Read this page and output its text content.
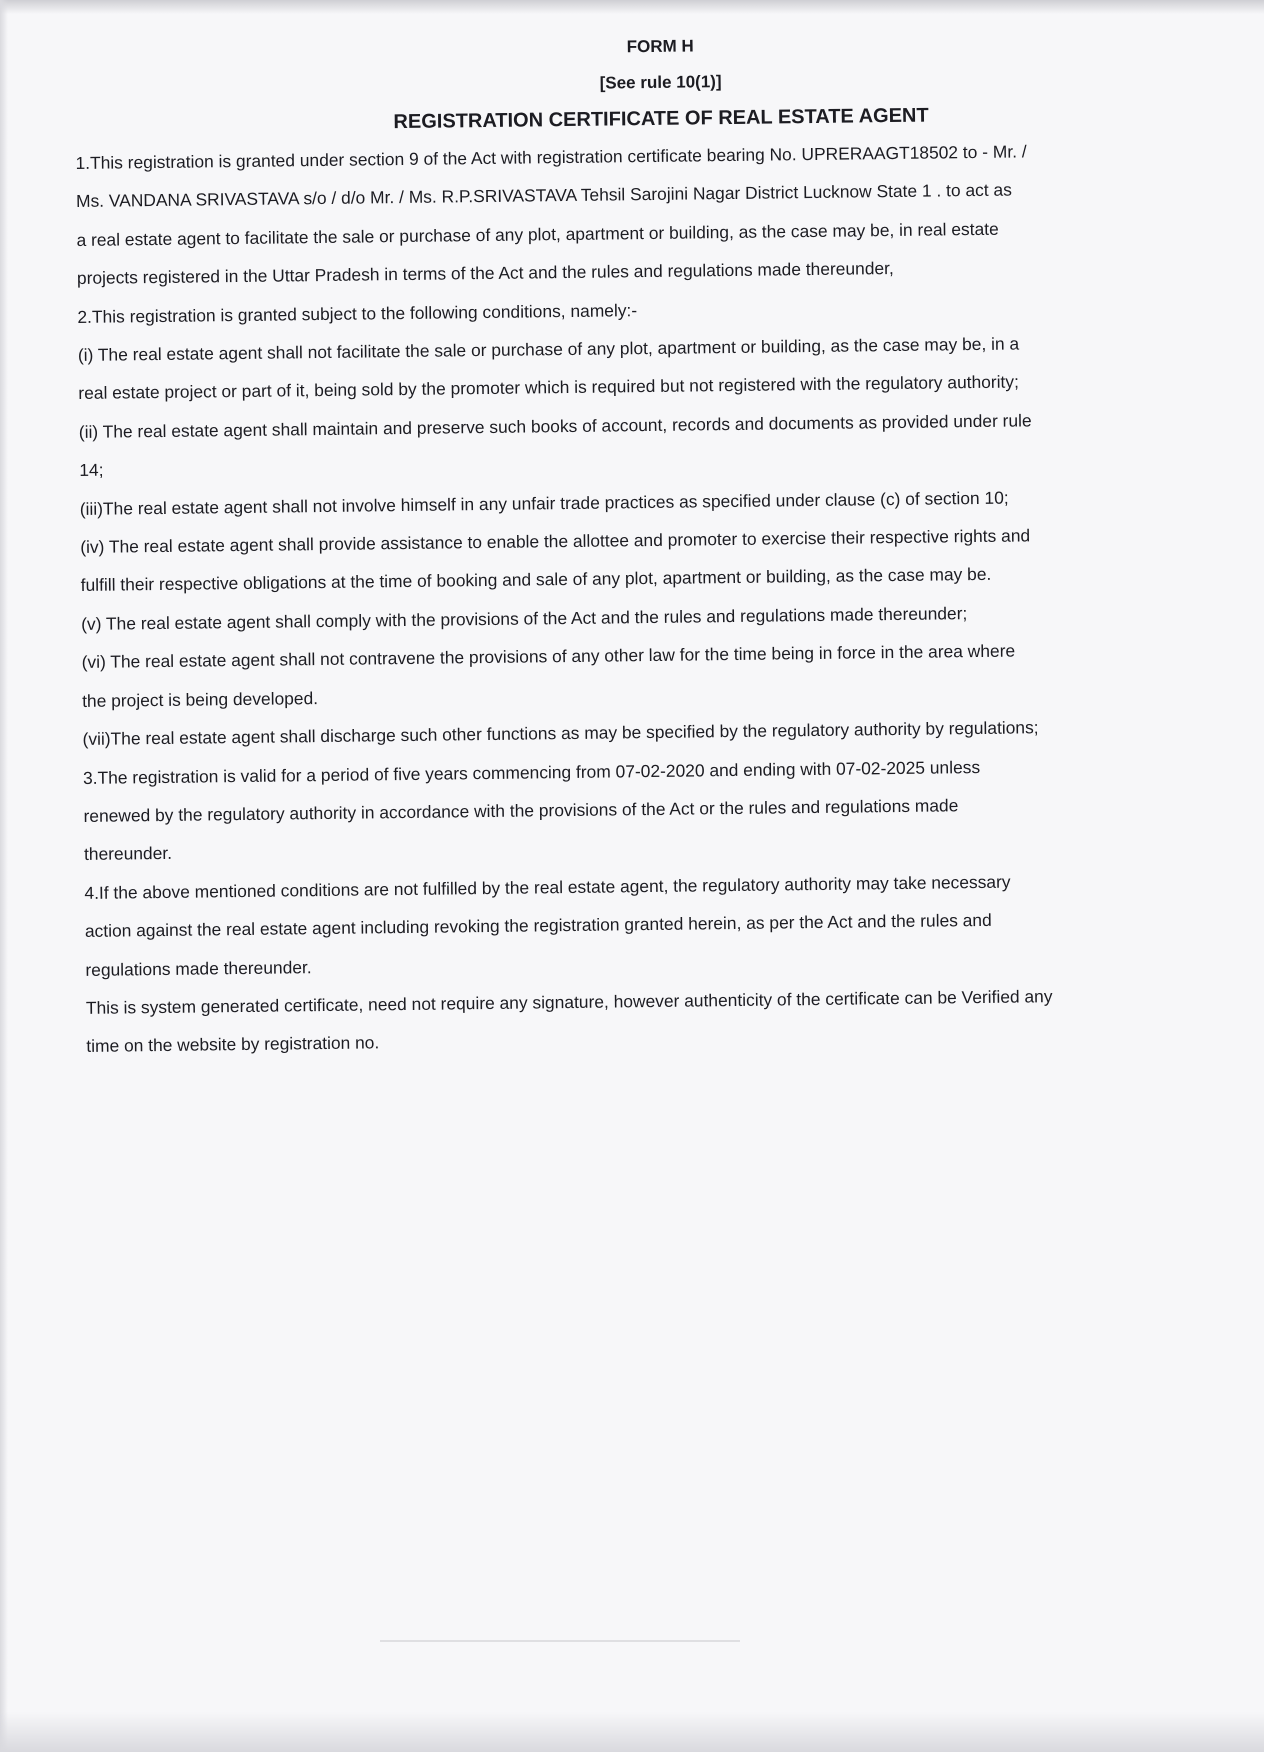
FORM H

[See rule 10(1)]

REGISTRATION CERTIFICATE OF REAL ESTATE AGENT

1.This registration is granted under section 9 of the Act with registration certificate bearing No. UPRERAAGT18502 to - Mr. /
Ms. VANDANA SRIVASTAVA s/o / d/o Mr. / Ms. R.P.SRIVASTAVA Tehsil Sarojini Nagar District Lucknow State 1 . to act as
a real estate agent to facilitate the sale or purchase of any plot, apartment or building, as the case may be, in real estate
projects registered in the Uttar Pradesh in terms of the Act and the rules and regulations made thereunder,
2.This registration is granted subject to the following conditions, namely:-
(i) The real estate agent shall not facilitate the sale or purchase of any plot, apartment or building, as the case may be, in a
real estate project or part of it, being sold by the promoter which is required but not registered with the regulatory authority;
(ii) The real estate agent shall maintain and preserve such books of account, records and documents as provided under rule
14;
(iii)The real estate agent shall not involve himself in any unfair trade practices as specified under clause (c) of section 10;
(iv) The real estate agent shall provide assistance to enable the allottee and promoter to exercise their respective rights and
fulfill their respective obligations at the time of booking and sale of any plot, apartment or building, as the case may be.
(v) The real estate agent shall comply with the provisions of the Act and the rules and regulations made thereunder;
(vi) The real estate agent shall not contravene the provisions of any other law for the time being in force in the area where
the project is being developed.
(vii)The real estate agent shall discharge such other functions as may be specified by the regulatory authority by regulations;
3.The registration is valid for a period of five years commencing from 07-02-2020 and ending with 07-02-2025 unless
renewed by the regulatory authority in accordance with the provisions of the Act or the rules and regulations made
thereunder.
4.If the above mentioned conditions are not fulfilled by the real estate agent, the regulatory authority may take necessary
action against the real estate agent including revoking the registration granted herein, as per the Act and the rules and
regulations made thereunder.
This is system generated certificate, need not require any signature, however authenticity of the certificate can be Verified any
time on the website by registration no.
